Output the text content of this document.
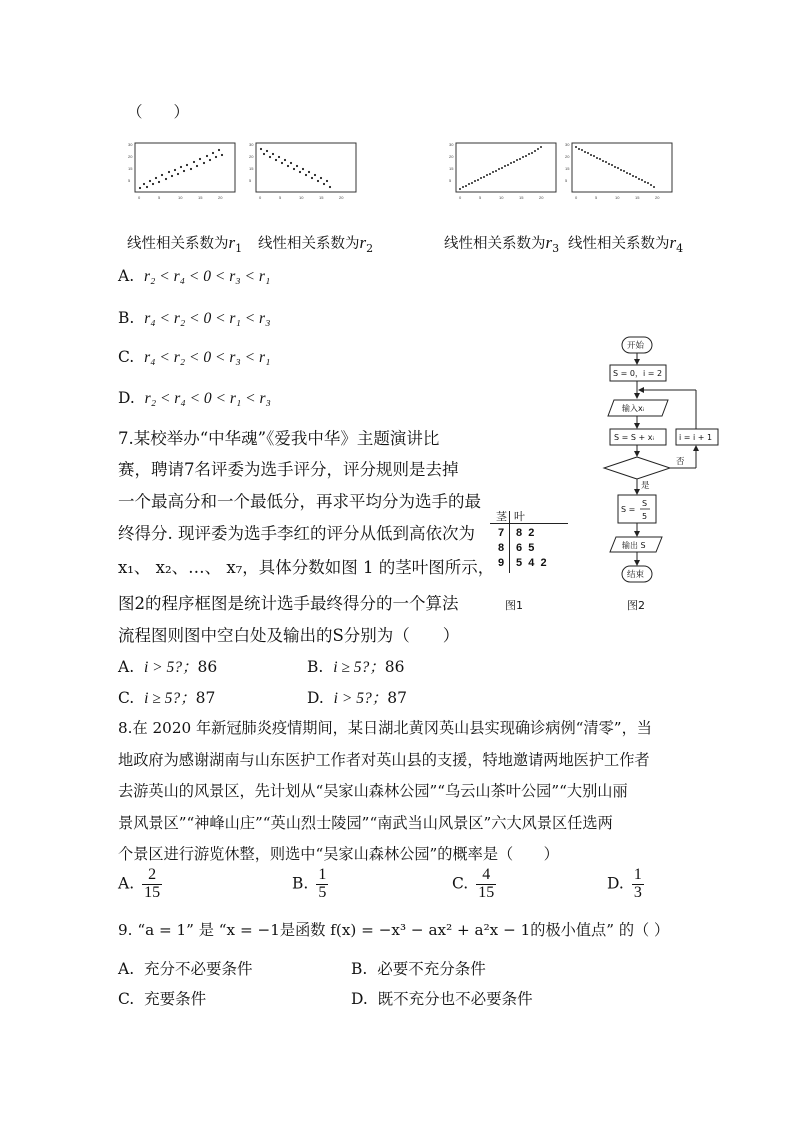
（　　）
30
20
15
5
0	5	10	15	20
30
20
15
5
0	5	10	15	20
30
20
15
5
0	5	10	15	20
30
20
15
5
0	5	10	15	20
线性相关系数为$r_1$ 线性相关系数为$r_2$	线性相关系数为$r_3$ 线性相关系数为$r_4$
A. r₂ < r₄ < 0 < r₃ < r₁
B. r₄ < r₂ < 0 < r₁ < r₃
C. r₄ < r₂ < 0 < r₃ < r₁
D. r₂ < r₄ < 0 < r₁ < r₃
7.某校举办“中华魂”《爱我中华》主题演讲比
赛，聘请7名评委为选手评分，评分规则是去掉
一个最高分和一个最低分，再求平均分为选手的最
终得分. 现评委为选手李红的评分从低到高依次为
x₁、 x₂、…、 x₇，具体分数如图 1 的茎叶图所示，
图2的程序框图是统计选手最终得分的一个算法
流程图则图中空白处及输出的S分别为（　　）
茎 叶
7 8  2
8 6  5
9 5  4  2
图1
开始
S = 0，i = 2
输入xᵢ
S = S + xᵢ	i = i + 1
否
是
S =
S
5
输出 S
结束
图2
A. i > 5?；86	B. i ≥ 5?；86
C. i ≥ 5?；87	D. i > 5?；87
8.在 2020 年新冠肺炎疫情期间，某日湖北黄冈英山县实现确诊病例“清零”，当
地政府为感谢湖南与山东医护工作者对英山县的支援，特地邀请两地医护工作者
去游英山的风景区，先计划从“吴家山森林公园”“乌云山茶叶公园”“大别山丽
景风景区”“神峰山庄”“英山烈士陵园”“南武当山风景区”六大风景区任选两
个景区进行游览休整，则选中“吴家山森林公园”的概率是（　　）
A. $\frac{2}{15}$	B. $\frac{1}{5}$	C. $\frac{4}{15}$	D. $\frac{1}{3}$
9. “a = 1” 是 “x = −1是函数 f(x) = −x³ − ax² + a²x − 1的极小值点” 的（ ）
A. 充分不必要条件	B. 必要不充分条件
C. 充要条件	D. 既不充分也不必要条件
